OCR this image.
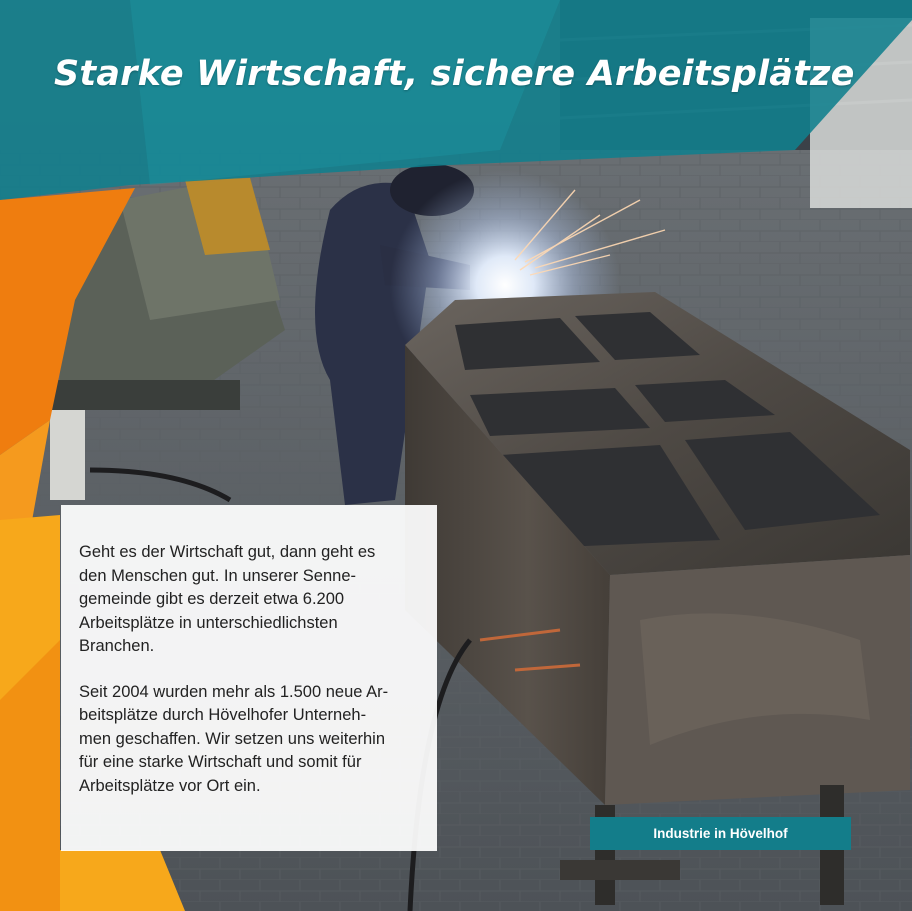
Starke Wirtschaft, sichere Arbeitsplätze

Geht es der Wirtschaft gut, dann geht es
den Menschen gut. In unserer Senne-
gemeinde gibt es derzeit etwa 6.200
Arbeitsplätze in unterschiedlichsten
Branchen.

Seit 2004 wurden mehr als 1.500 neue Ar-
beitsplätze durch Hövelhofer Unterneh-
men geschaffen. Wir setzen uns weiterhin
für eine starke Wirtschaft und somit für
Arbeitsplätze vor Ort ein.

Industrie in Hövelhof
